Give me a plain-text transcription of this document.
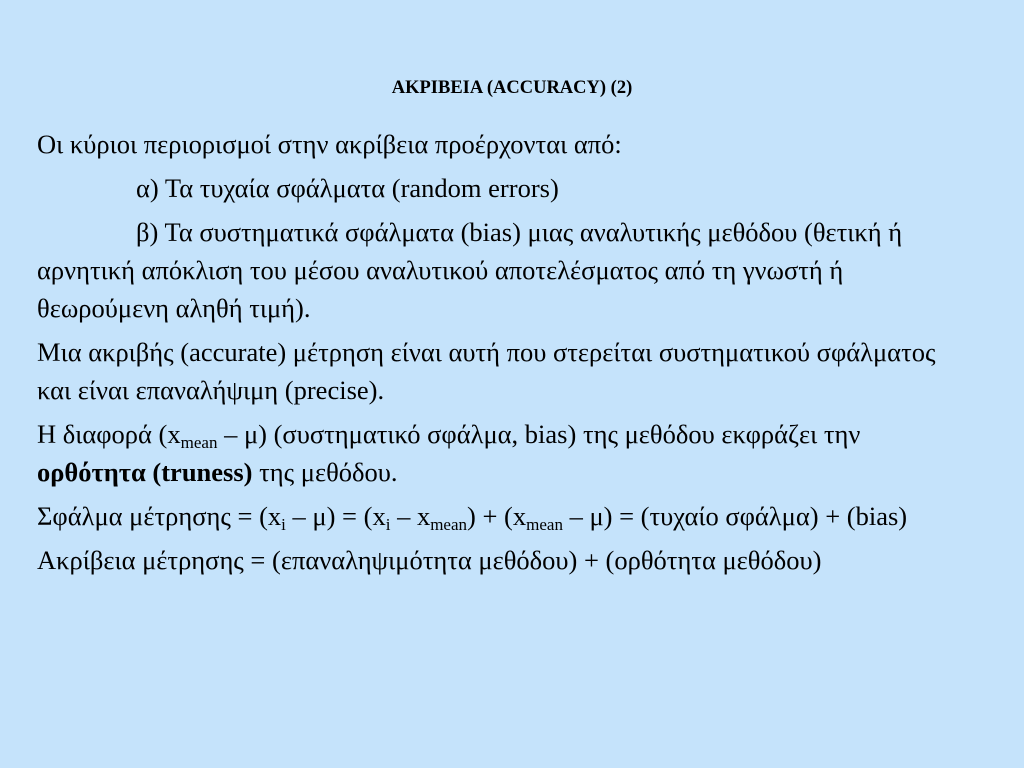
ΑΚΡΙΒΕΙΑ (ACCURACY) (2)

Οι κύριοι περιορισμοί στην ακρίβεια προέρχονται από:

α) Τα τυχαία σφάλματα (random errors)

β) Τα συστηματικά σφάλματα (bias) μιας αναλυτικής μεθόδου (θετική ήαρνητική απόκλιση του μέσου αναλυτικού αποτελέσματος από τη γνωστή ή θεωρούμενη αληθή τιμή).

Μια ακριβής (accurate) μέτρηση είναι αυτή που στερείται συστηματικού σφάλματος και είναι επαναλήψιμη (precise).

Η διαφορά $(x_{mean} - \mu)$ (συστηματικό σφάλμα, bias) της μεθόδου εκφράζει την ορθότητα (truness) της μεθόδου.

Σφάλμα $\mu έ\tau\rho\eta\sigma\eta\varsigma = (x_i - \mu) = (x_i - x_{mean}) + (x_{mean} - \mu) = (\tau\upsilon\chi\alpha ίo$ σφάλμα) + (bias)

Ακρίβεια μέτρησης = (επαναληψιμότητα μεθόδου) + (ορθότητα μεθόδου)
